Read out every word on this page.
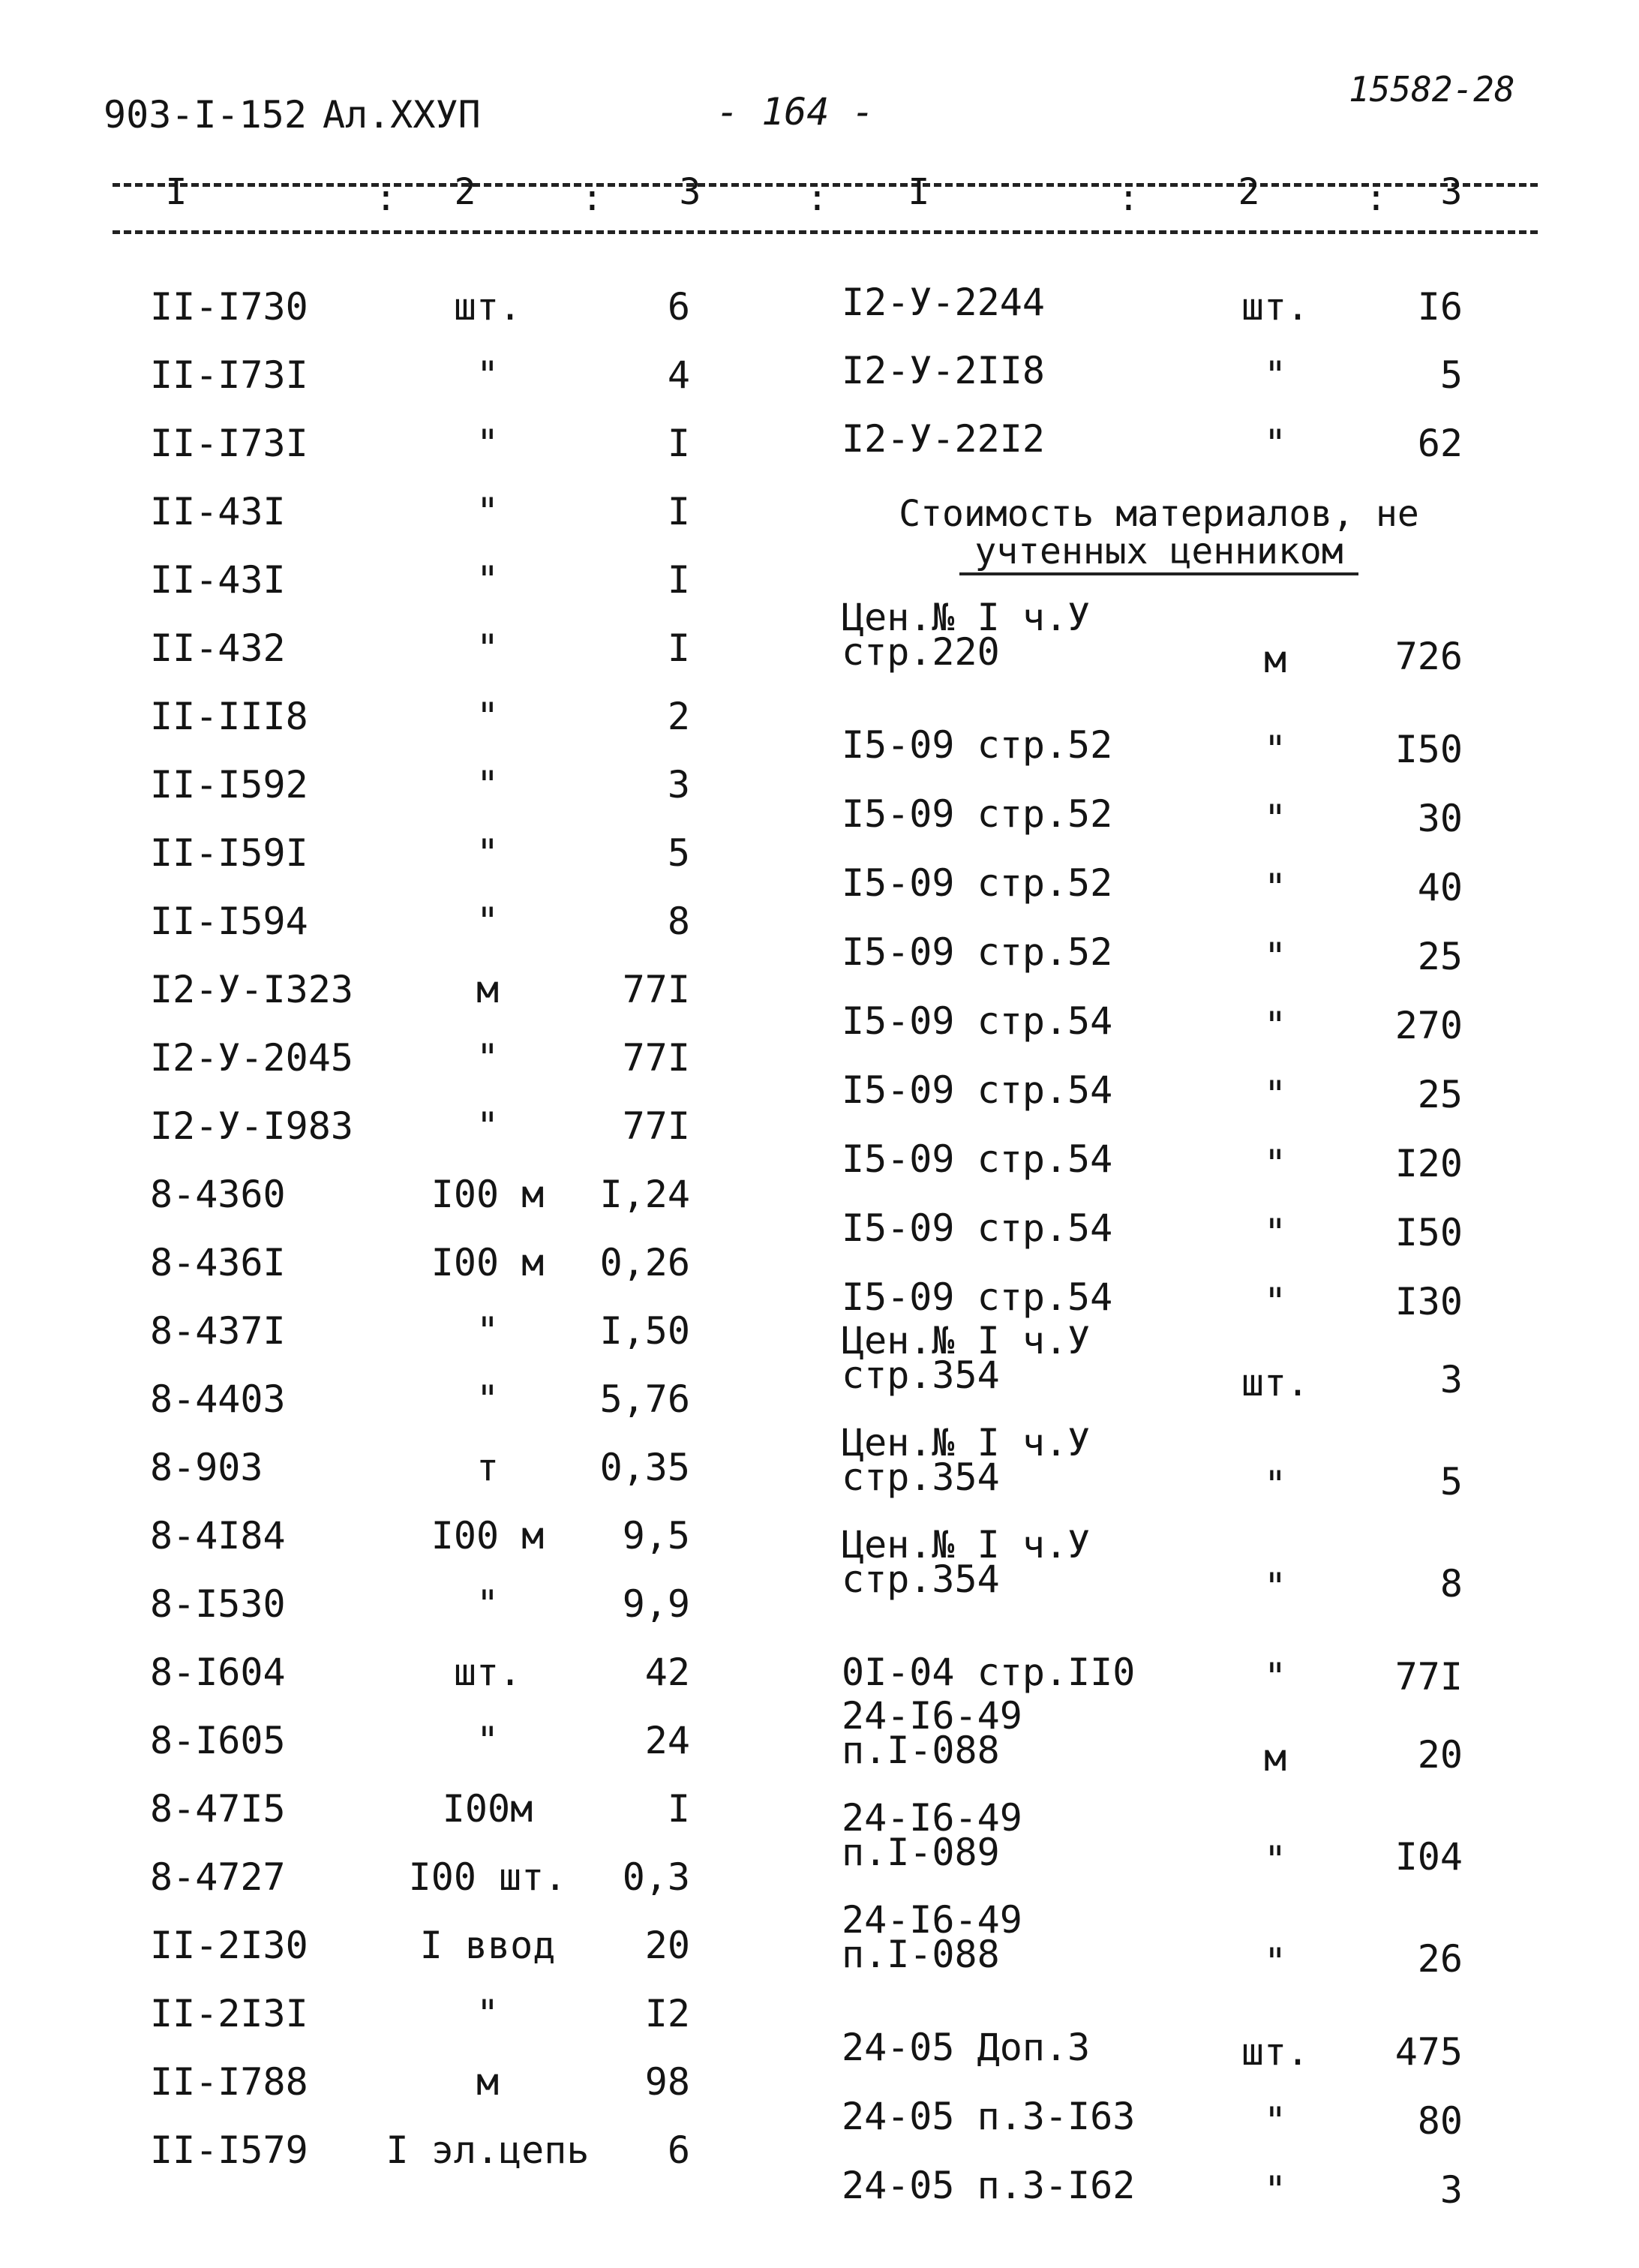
903-I-152 Ал.ХХУП	- 164 -
15582-28
I	:	2	:	3	:	I	:	2	:	3
II-I730	шт.	6
II-I73I	"	4
II-I73I	"	I
II-43I	"	I
II-43I	"	I
II-432	"	I
II-III8	"	2
II-I592	"	3
II-I59I	"	5
II-I594	"	8
I2-У-I323	м	77I
I2-У-2045	"	77I
I2-У-I983	"	77I
8-4360	I00 м	I,24
8-436I	I00 м	0,26
8-437I	"	I,50
8-4403	"	5,76
8-903	т	0,35
8-4I84	I00 м	9,5
8-I530	"	9,9
8-I604	шт.	42
8-I605	"	24
8-47I5	I00м	I
8-4727	I00 шт.	0,3
II-2I30	I ввод	20
II-2I3I	"	I2
II-I788	м	98
II-I579 I эл.цепь	6
I2-У-2244	шт.	I6
I2-У-2II8	"	5
I2-У-22I2	"	62
Цен.№ I ч.У
стр.220	м	726
I5-09 стр.52	"	I50
I5-09 стр.52	"	30
I5-09 стр.52	"	40
I5-09 стр.52	"	25
I5-09 стр.54	"	270
I5-09 стр.54	"	25
I5-09 стр.54	"	I20
I5-09 стр.54	"	I50
I5-09 стр.54	"	I30
Цен.№ I ч.У
стр.354	шт.	3
Цен.№ I ч.У
стр.354	"	5
Цен.№ I ч.У
стр.354	"	8
0I-04 стр.II0	"	77I
24-I6-49
п.I-088	м	20
24-I6-49
п.I-089	"	I04
24-I6-49
п.I-088	"	26
24-05 Доп.3	шт.	475
24-05 п.3-I63	"	80
24-05 п.3-I62	"	3
Стоимость материалов, не
учтенных ценником
